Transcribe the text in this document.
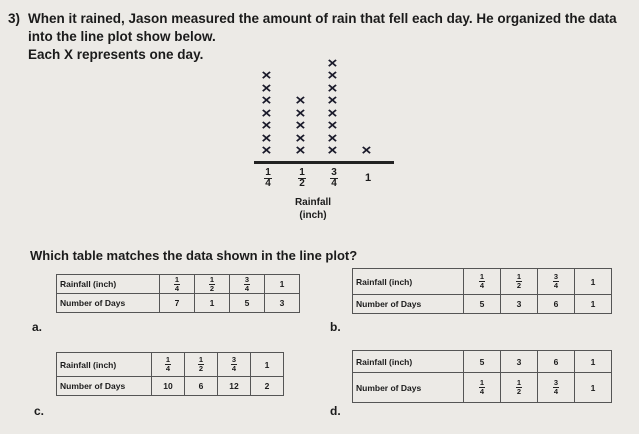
3) When it rained, Jason measured the amount of rain that fell each day. He organized the data into the line plot show below.
Each X represents one day.
Rainfall
(inch)
×
×
×
×
×
×
×
$\frac{1}{4}$
×
×
×
×
×
$\frac{1}{2}$
×
×
×
×
×
×
×
×
$\frac{3}{4}$
×
1
Which table matches the data shown in the line plot?
Rainfall (inch)	$\frac{1}{4}$	$\frac{1}{2}$	$\frac{3}{4}$	1
Number of Days	7	1	5	3
a.
Rainfall (inch)	$\frac{1}{4}$	$\frac{1}{2}$	$\frac{3}{4}$	1
Number of Days	5	3	6	1
b.
Rainfall (inch)	$\frac{1}{4}$	$\frac{1}{2}$	$\frac{3}{4}$	1
Number of Days	10	6	12	2
c.
Rainfall (inch)	5	3	6	1
Number of Days	$\frac{1}{4}$	$\frac{1}{2}$	$\frac{3}{4}$	1
d.
